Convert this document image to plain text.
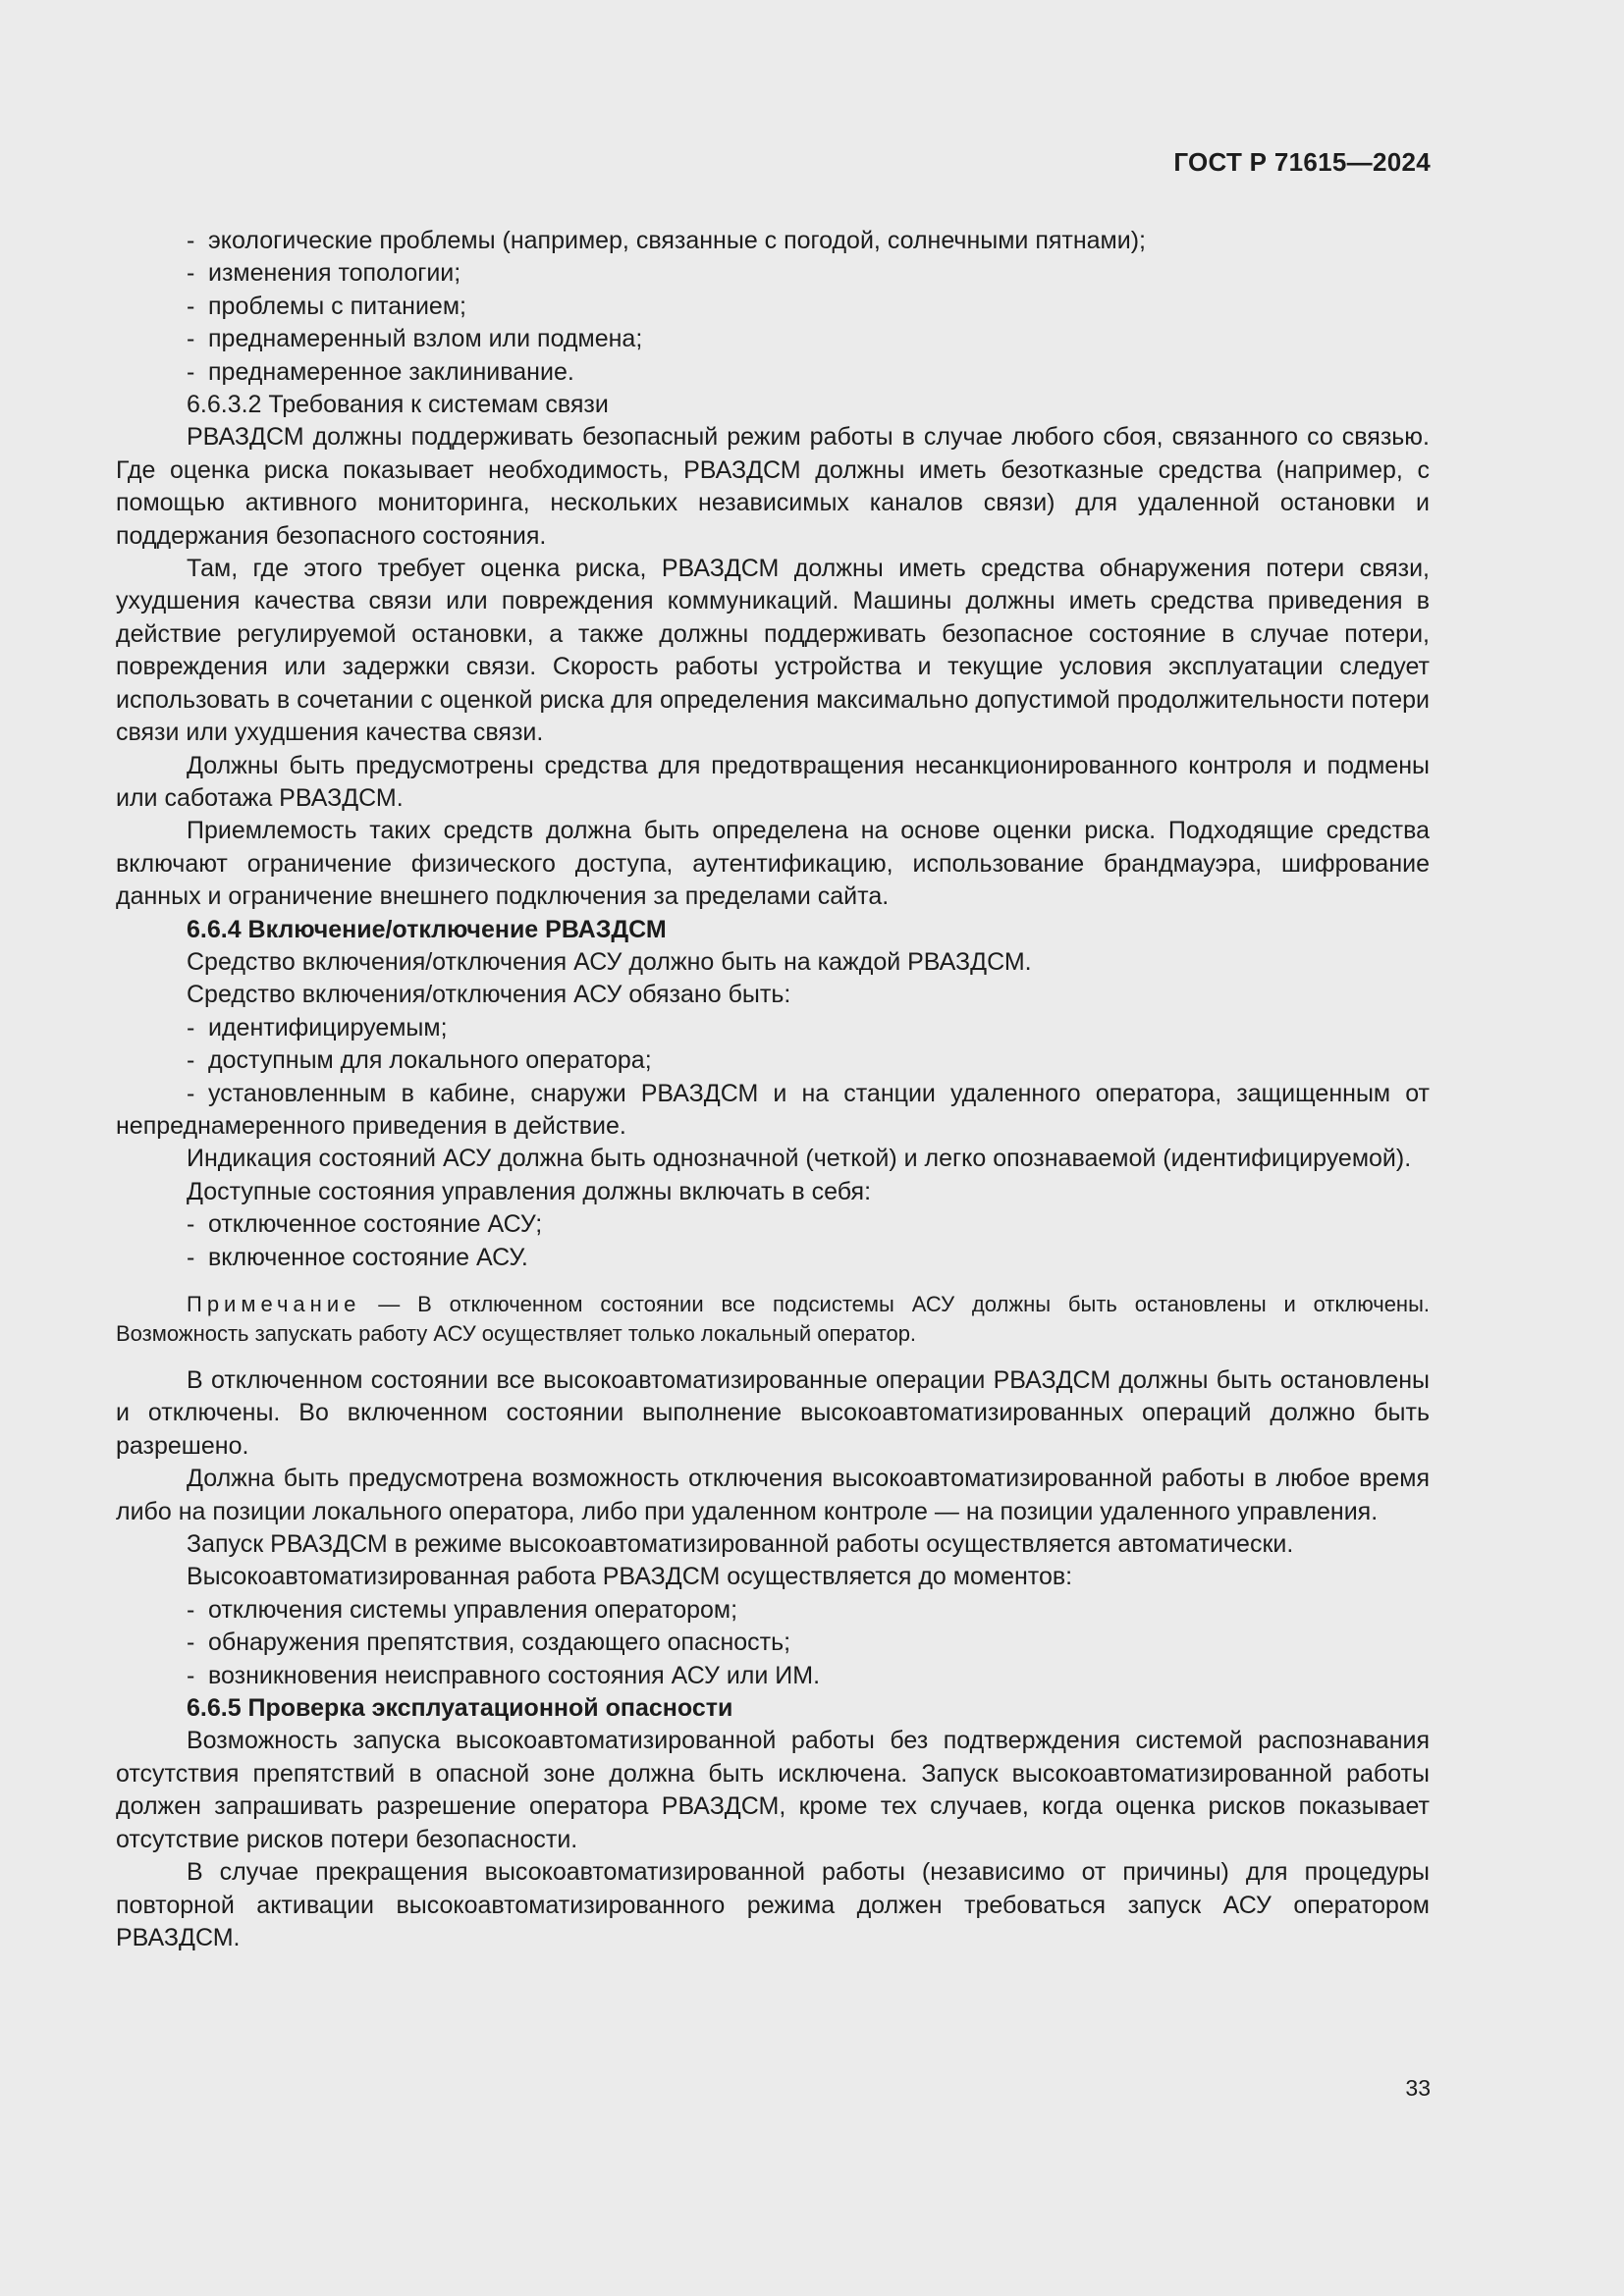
ГОСТ Р 71615—2024

- экологические проблемы (например, связанные с погодой, солнечными пятнами);

- изменения топологии;

- проблемы с питанием;

- преднамеренный взлом или подмена;

- преднамеренное заклинивание.

6.6.3.2 Требования к системам связи

РВАЗДСМ должны поддерживать безопасный режим работы в случае любого сбоя, связанного со связью. Где оценка риска показывает необходимость, РВАЗДСМ должны иметь безотказные средства (например, с помощью активного мониторинга, нескольких независимых каналов связи) для удаленной остановки и поддержания безопасного состояния.

Там, где этого требует оценка риска, РВАЗДСМ должны иметь средства обнаружения потери связи, ухудшения качества связи или повреждения коммуникаций. Машины должны иметь средства приведения в действие регулируемой остановки, а также должны поддерживать безопасное состояние в случае потери, повреждения или задержки связи. Скорость работы устройства и текущие условия эксплуатации следует использовать в сочетании с оценкой риска для определения максимально допустимой продолжительности потери связи или ухудшения качества связи.

Должны быть предусмотрены средства для предотвращения несанкционированного контроля и подмены или саботажа РВАЗДСМ.

Приемлемость таких средств должна быть определена на основе оценки риска. Подходящие средства включают ограничение физического доступа, аутентификацию, использование брандмауэра, шифрование данных и ограничение внешнего подключения за пределами сайта.

6.6.4 Включение/отключение РВАЗДСМ

Средство включения/отключения АСУ должно быть на каждой РВАЗДСМ.

Средство включения/отключения АСУ обязано быть:

- идентифицируемым;

- доступным для локального оператора;

- установленным в кабине, снаружи РВАЗДСМ и на станции удаленного оператора, защищенным от непреднамеренного приведения в действие.

Индикация состояний АСУ должна быть однозначной (четкой) и легко опознаваемой (идентифицируемой).

Доступные состояния управления должны включать в себя:

- отключенное состояние АСУ;

- включенное состояние АСУ.

Примечание — В отключенном состоянии все подсистемы АСУ должны быть остановлены и отключены. Возможность запускать работу АСУ осуществляет только локальный оператор.

В отключенном состоянии все высокоавтоматизированные операции РВАЗДСМ должны быть остановлены и отключены. Во включенном состоянии выполнение высокоавтоматизированных операций должно быть разрешено.

Должна быть предусмотрена возможность отключения высокоавтоматизированной работы в любое время либо на позиции локального оператора, либо при удаленном контроле — на позиции удаленного управления.

Запуск РВАЗДСМ в режиме высокоавтоматизированной работы осуществляется автоматически.

Высокоавтоматизированная работа РВАЗДСМ осуществляется до моментов:

- отключения системы управления оператором;

- обнаружения препятствия, создающего опасность;

- возникновения неисправного состояния АСУ или ИМ.

6.6.5 Проверка эксплуатационной опасности

Возможность запуска высокоавтоматизированной работы без подтверждения системой распознавания отсутствия препятствий в опасной зоне должна быть исключена. Запуск высокоавтоматизированной работы должен запрашивать разрешение оператора РВАЗДСМ, кроме тех случаев, когда оценка рисков показывает отсутствие рисков потери безопасности.

В случае прекращения высокоавтоматизированной работы (независимо от причины) для процедуры повторной активации высокоавтоматизированного режима должен требоваться запуск АСУ оператором РВАЗДСМ.

33
